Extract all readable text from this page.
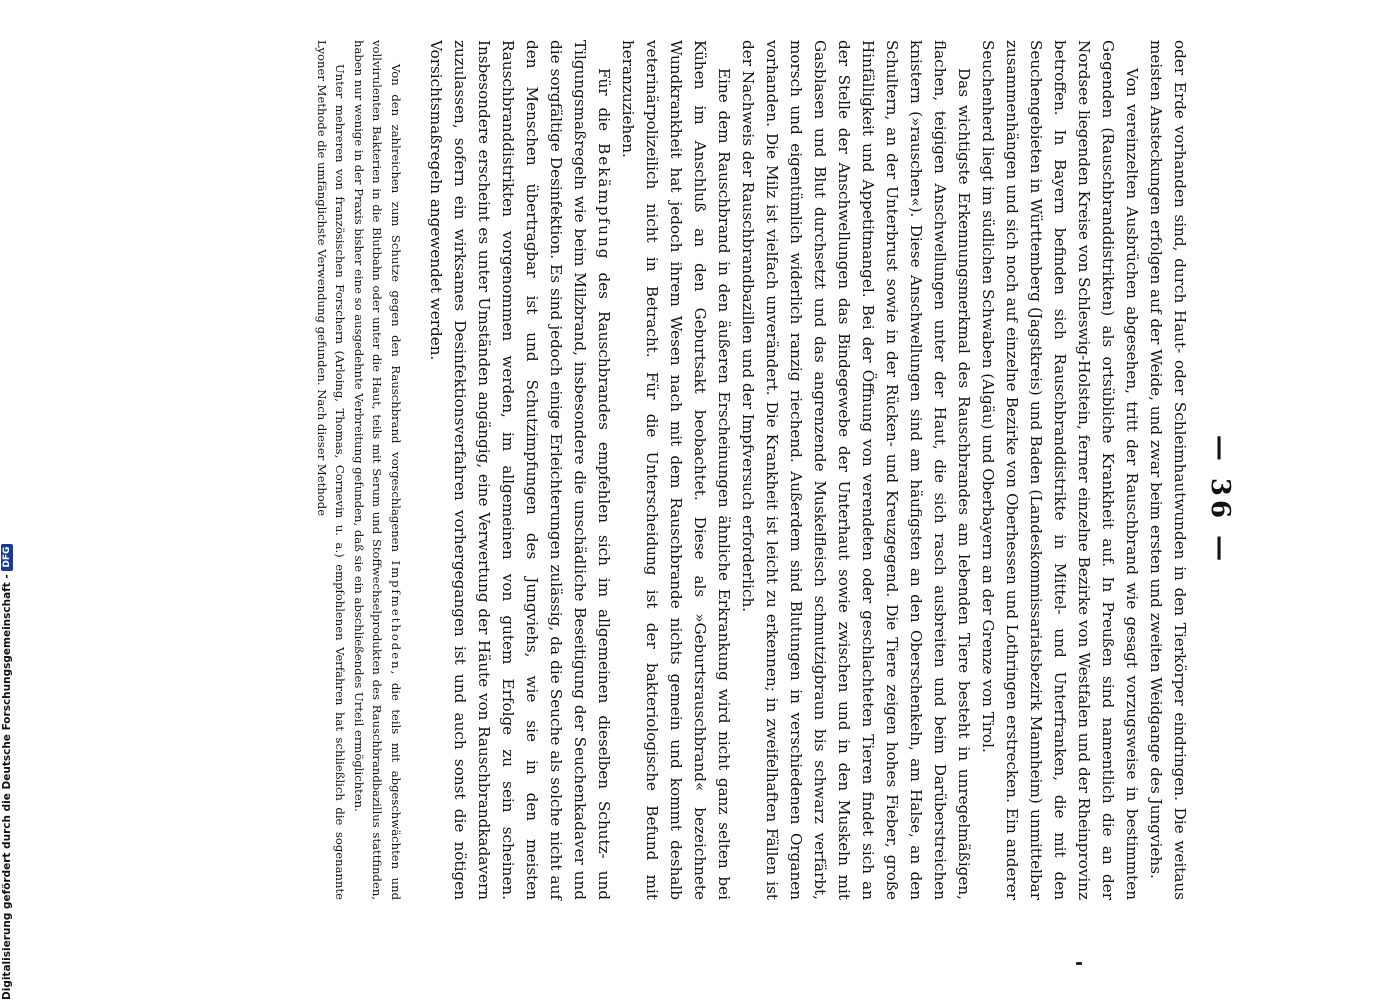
— 36 —

oder Erde vorhanden sind, durch Haut- oder Schleimhautwunden in den Tierkörper eindringen. Die weitaus meisten Ansteckungen erfolgen auf der Weide, und zwar beim ersten und zweiten Weidgange des Jungviehs.

Von vereinzelten Ausbrüchen abgesehen, tritt der Rauschbrand wie gesagt vorzugsweise in bestimmten Gegenden (Rauschbranddistrikten) als ortsübliche Krankheit auf. In Preußen sind namentlich die an der Nordsee liegenden Kreise von Schleswig-Holstein, ferner einzelne Bezirke von Westfalen und der Rheinprovinz betroffen. In Bayern befinden sich Rauschbranddistrikte in Mittel- und Unterfranken, die mit den Seuchengebieten in Württemberg (Jagstkreis) und Baden (Landeskommissariatsbezirk Mannheim) unmittelbar zusammenhängen und sich noch auf einzelne Bezirke von Oberhessen und Lothringen erstrecken. Ein anderer Seuchenherd liegt im südlichen Schwaben (Algäu) und Oberbayern an der Grenze von Tirol.

Das wichtigste Erkennungsmerkmal des Rauschbrandes am lebenden Tiere besteht in unregelmäßigen, flachen, teigigen Anschwellungen unter der Haut, die sich rasch ausbreiten und beim Darüberstreichen knistern (»rauschen«). Diese Anschwellungen sind am häufigsten an den Oberschenkeln, am Halse, an den Schultern, an der Unterbrust sowie in der Rücken- und Kreuzgegend. Die Tiere zeigen hohes Fieber, große Hinfälligkeit und Appetitmangel. Bei der Öffnung von verendeten oder geschlachteten Tieren findet sich an der Stelle der Anschwellungen das Bindegewebe der Unterhaut sowie zwischen und in den Muskeln mit Gasblasen und Blut durchsetzt und das angrenzende Muskelfleisch schmutzigbraun bis schwarz verfärbt, morsch und eigentümlich widerlich ranzig riechend. Außerdem sind Blutungen in verschiedenen Organen vorhanden. Die Milz ist vielfach unverändert. Die Krankheit ist leicht zu erkennen; in zweifelhaften Fällen ist der Nachweis der Rauschbrandbazillen und der Impfversuch erforderlich.

Eine dem Rauschbrand in den äußeren Erscheinungen ähnliche Erkrankung wird nicht ganz selten bei Kühen im Anschluß an den Geburtsakt beobachtet. Diese als »Geburtsrauschbrand« bezeichnete Wundkrankheit hat jedoch ihrem Wesen nach mit dem Rauschbrande nichts gemein und kommt deshalb veterinärpolizeilich nicht in Betracht. Für die Unterscheidung ist der bakteriologische Befund mit heranzuziehen.

Für die Bekämpfung des Rauschbrandes empfehlen sich im allgemeinen dieselben Schutz- und Tilgungsmaßregeln wie beim Milzbrand, insbesondere die unschädliche Beseitigung der Seuchenkadaver und die sorgfältige Desinfektion. Es sind jedoch einige Erleichterungen zulässig, da die Seuche als solche nicht auf den Menschen übertragbar ist und Schutzimpfungen des Jungviehs, wie sie in den meisten Rauschbranddistrikten vorgenommen werden, im allgemeinen von gutem Erfolge zu sein scheinen. Insbesondere erscheint es unter Umständen angängig, eine Verwertung der Häute von Rauschbrandkadavern zuzulassen, sofern ein wirksames Desinfektionsverfahren vorhergegangen ist und auch sonst die nötigen Vorsichtsmaßregeln angewendet werden.

Von den zahlreichen zum Schutze gegen den Rauschbrand vorgeschlagenen Impfmethoden, die teils mit abgeschwächten und vollvirulenten Bakterien in die Blutbahn oder unter die Haut, teils mit Serum und Stoffwechselprodukten des Rauschbrandbazillus stattfinden, haben nur wenige in der Praxis bisher eine so ausgedehnte Verbreitung gefunden, daß sie ein abschließendes Urteil ermöglichten.

Unter mehreren von französischen Forschern (Arloing, Thomas, Cornevin u. a.) empfohlenen Verfahren hat schließlich die sogenannte Lyoner Methode die umfänglichste Verwendung gefunden. Nach dieser Methode

Digitalisierung gefördert durch die Deutsche Forschungsgemeinschaft - DFG
